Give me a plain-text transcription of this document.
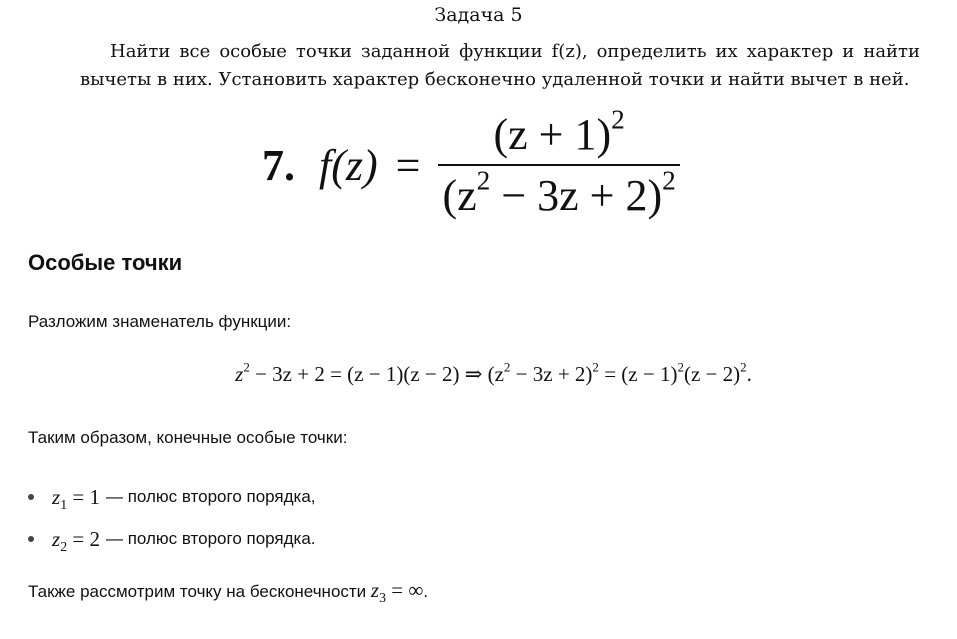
Задача 5
Найти все особые точки заданной функции f(z), определить их характер и найти вычеты в них. Установить характер бесконечно удаленной точки и найти вычет в ней.
7. $f(z) = \frac{(z + 1)^2}{(z^2 - 3z + 2)^2}$
Особые точки
Разложим знаменатель функции:
$z^2 - 3z + 2 = (z - 1)(z - 2)$ ⇒ $(z^2 - 3z + 2)^2 = (z - 1)^2(z - 2)^2$.
Таким образом, конечные особые точки:
$z_1 = 1$ — полюс второго порядка,
$z_2 = 2$ — полюс второго порядка.
Также рассмотрим точку на бесконечности $z_3$ = ∞.
